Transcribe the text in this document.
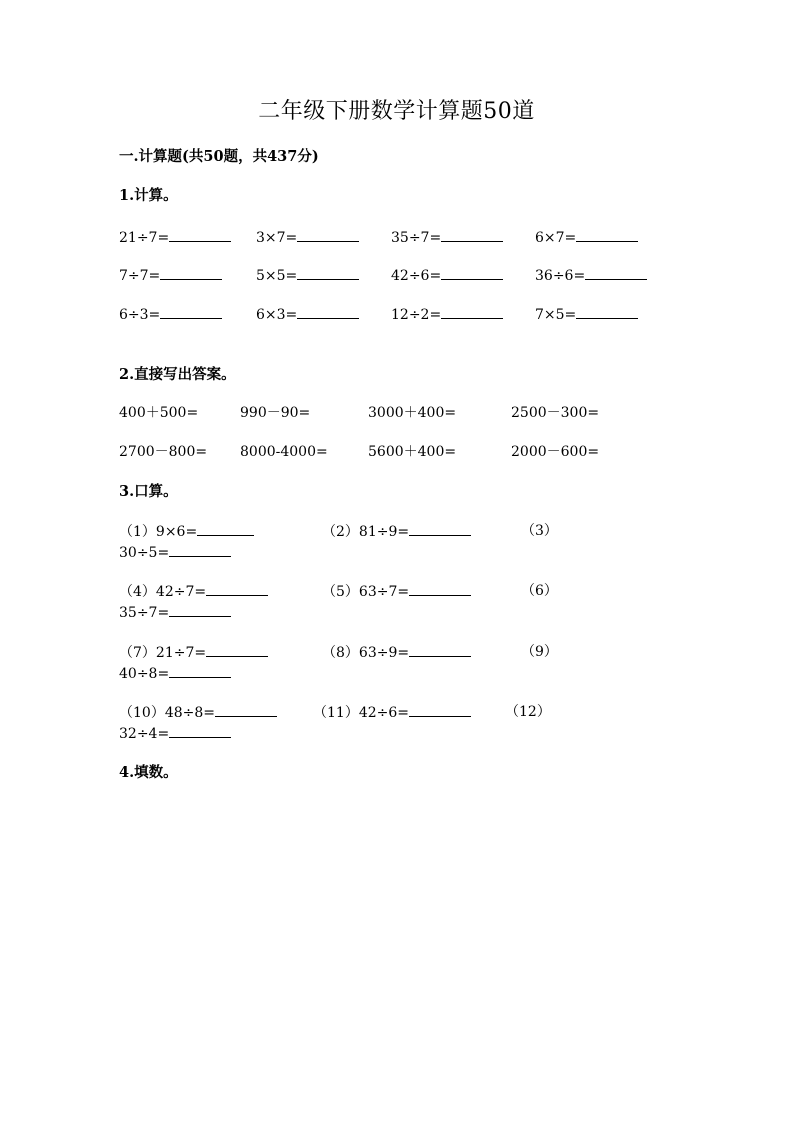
二年级下册数学计算题50道
一.计算题(共50题，共437分)
1.计算。
21÷7=	3×7=	35÷7=	6×7=
7÷7=	5×5=	42÷6=	36÷6=
6÷3=	6×3=	12÷2=	7×5=
2.直接写出答案。
400＋500=	990－90=	3000＋400=	2500－300=
2700－800= 8000-4000=	5600＋400=	2000－600=
3.口算。
（1）9×6=	（2）81÷9=	（3）
30÷5=
（4）42÷7=	（5）63÷7=	（6）
35÷7=
（7）21÷7=	（8）63÷9=	（9）
40÷8=
（10）48÷8=	（11）42÷6=	（12）
32÷4=
4.填数。
